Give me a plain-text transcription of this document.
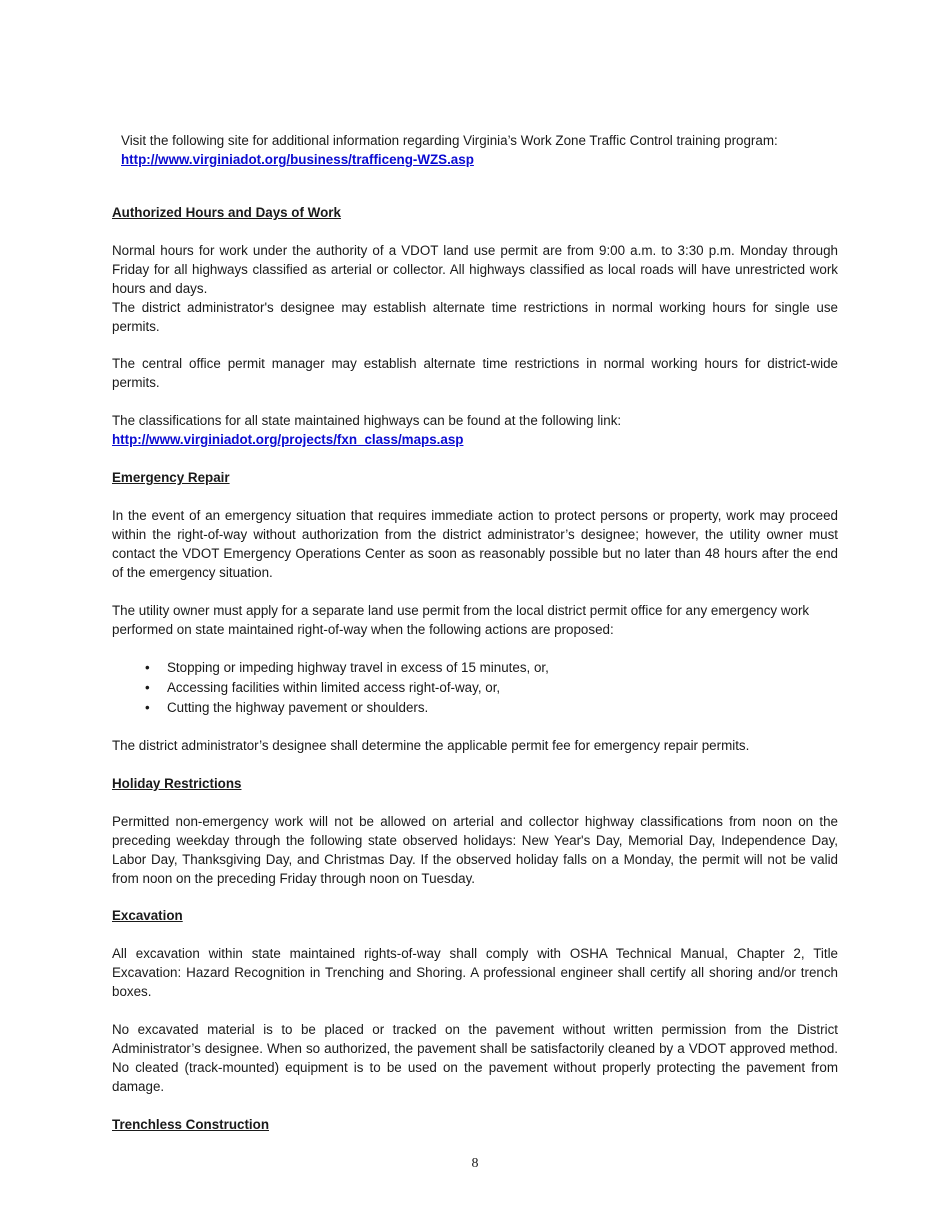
Visit the following site for additional information regarding Virginia’s Work Zone Traffic Control training program:
http://www.virginiadot.org/business/trafficeng-WZS.asp

Authorized Hours and Days of Work

Normal hours for work under the authority of a VDOT land use permit are from 9:00 a.m. to 3:30 p.m. Monday through Friday for all highways classified as arterial or collector. All highways classified as local roads will have unrestricted work hours and days.

The district administrator's designee may establish alternate time restrictions in normal working hours for single use permits.

The central office permit manager may establish alternate time restrictions in normal working hours for district-wide permits.

The classifications for all state maintained highways can be found at the following link:
http://www.virginiadot.org/projects/fxn_class/maps.asp

Emergency Repair

In the event of an emergency situation that requires immediate action to protect persons or property, work may proceed within the right-of-way without authorization from the district administrator’s designee; however, the utility owner must contact the VDOT Emergency Operations Center as soon as reasonably possible but no later than 48 hours after the end of the emergency situation.

The utility owner must apply for a separate land use permit from the local district permit office for any emergency work performed on state maintained right-of-way when the following actions are proposed:

• Stopping or impeding highway travel in excess of 15 minutes, or,
• Accessing facilities within limited access right-of-way, or,
• Cutting the highway pavement or shoulders.

The district administrator’s designee shall determine the applicable permit fee for emergency repair permits.

Holiday Restrictions

Permitted non-emergency work will not be allowed on arterial and collector highway classifications from noon on the preceding weekday through the following state observed holidays: New Year's Day, Memorial Day, Independence Day, Labor Day, Thanksgiving Day, and Christmas Day. If the observed holiday falls on a Monday, the permit will not be valid from noon on the preceding Friday through noon on Tuesday.

Excavation

All excavation within state maintained rights-of-way shall comply with OSHA Technical Manual, Chapter 2, Title Excavation: Hazard Recognition in Trenching and Shoring. A professional engineer shall certify all shoring and/or trench boxes.

No excavated material is to be placed or tracked on the pavement without written permission from the District Administrator’s designee. When so authorized, the pavement shall be satisfactorily cleaned by a VDOT approved method. No cleated (track-mounted) equipment is to be used on the pavement without properly protecting the pavement from damage.

Trenchless Construction

8
